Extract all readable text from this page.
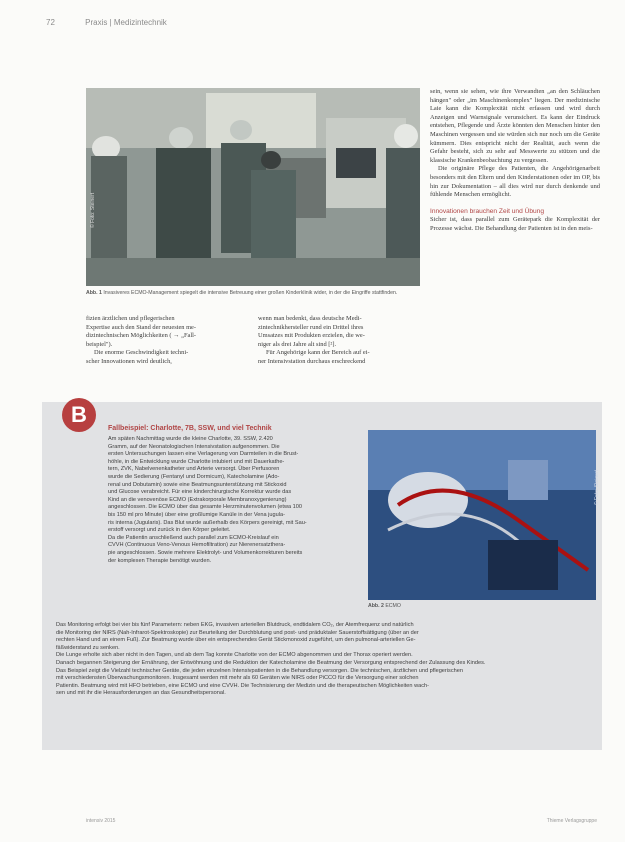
72	Praxis | Medizintechnik
© Foto: Steinert
Abb. 1 Invasiveres ECMO-Management spiegelt die intensive Betreuung einer großen Kinderklinik wider, in der die Eingriffe stattfinden.

fizien ärztlichen und pflegerischen

Expertise auch den Stand der neuesten me-

dizintechnischen Möglichkeiten ( → „Fall-

beispiel").

Die enorme Geschwindigkeit techni-

scher Innovationen wird deutlich,

wenn man bedenkt, dass deutsche Medi-

zintechnikhersteller rund ein Drittel ihres

Umsatzes mit Produkten erzielen, die we-

niger als drei Jahre alt sind [²].

Für Angehörige kann der Bereich auf ei-

ner Intensivstation durchaus erschreckend

sein, wenn sie sehen, wie ihre Verwandten „an den Schläuchen hängen" oder „im Maschinenkomplex" liegen. Der medizinische Laie kann die Komplexität nicht erfassen und wird durch Anzeigen und Warnsignale verunsichert. Es kann der Eindruck entstehen, Pflegende und Ärzte könnten den Menschen hinter den Maschinen vergessen und sie würden sich nur noch um die Geräte kümmern. Dies entspricht nicht der Realität, auch wenn die Gefahr besteht, sich zu sehr auf Messwerte zu stützen und die klassische Krankenbeobachtung zu vergessen.

Die originäre Pflege des Patienten, die Angehörigenarbeit besonders mit den Eltern und den Kinderstationen oder im OP, bis hin zur Dokumentation – all dies wird nur durch denkende und fühlende Menschen ermöglicht.

Innovationen brauchen Zeit und Übung

Sicher ist, dass parallel zum Gerätepark die Komplexität der Prozesse wächst. Die Behandlung der Patienten ist in den meis-

B
Fallbeispiel: Charlotte, 7B, SSW, und viel Technik

Am späten Nachmittag wurde die kleine Charlotte, 39. SSW, 2.420

Gramm, auf der Neonatologischen Intensivstation aufgenommen. Die

ersten Untersuchungen lassen eine Verlagerung von Darmteilen in die Brust-

höhle, in die Entwicklung wurde Charlotte intubiert und mit Dauerkathe-

tern, ZVK, Nabelvenenkatheter und Arterie versorgt. Über Perfusoren

wurde die Sedierung (Fentanyl und Dormicum), Katecholamine (Ado-

renal und Dobutamin) sowie eine Beatmungsunterstützung mit Stickoxid

und Glucose verabreicht. Für eine kinderchirurgische Korrektur wurde das

Kind an die venovenöse ECMO (Extrakorporale Membranoxygenierung)

angeschlossen. Die ECMO über das gesamte Herzminutenvolumen (etwa 100

bis 150 ml pro Minute) über eine großlumige Kanüle in der Vena jugula-

ris interna (Jugularis). Das Blut wurde außerhalb des Körpers gereinigt, mit Sau-

erstoff versorgt und zurück in den Körper geleitet.

Da die Patientin anschließend auch parallel zum ECMO-Kreislauf ein

CVVH (Continuous Veno-Venous Hemofiltration) zur Nierenersatzthera-

pie angeschlossen. Sowie mehrere Elektrolyt- und Volumenkorrekturen bereits

der komplexen Therapie benötigt wurden.

© Foto: Steinert
Abb. 2 ECMO

Das Monitoring erfolgt bei vier bis fünf Parametern: neben EKG, invasiven arteriellen Blutdruck, endtidalem CO₂, der Atemfrequenz und natürlich

die Monitoring der NIRS (Nah-Infrarot-Spektroskopie) zur Beurteilung der Durchblutung und post- und präduktaler Sauerstoffsättigung (über an der

rechten Hand und an einem Fuß). Zur Beatmung wurde über ein entsprechendes Gerät Stickmonoxid zugeführt, um den pulmonal-arteriellen Ge-

fäßwiderstand zu senken.

Die Lunge erholte sich aber nicht in den Tagen, und ab dem Tag konnte Charlotte von der ECMO abgenommen und der Thorax operiert werden.

Danach begannen Steigerung der Ernährung, der Entwöhnung und die Reduktion der Katecholamine die Beatmung der Versorgung entsprechend der Zulassung des Kindes.

Das Beispiel zeigt die Vielzahl technischer Geräte, die jeden einzelnen Intensivpatienten in die Behandlung versorgen. Die technischen, ärztlichen und pflegerischen

mit verschiedensten Überwachungsmonitoren. Insgesamt werden mit mehr als 60 Geräten wie NIRS oder PiCCO für die Versorgung einer solchen

Patientin. Beatmung wird mit HFO betrieben, eine ECMO und eine CVVH. Die Technisierung der Medizin und die therapeutischen Möglichkeiten wach-

sen und mit ihr die Herausforderungen an das Gesundheitspersonal.

intensiv 2015	Thieme Verlagsgruppe
